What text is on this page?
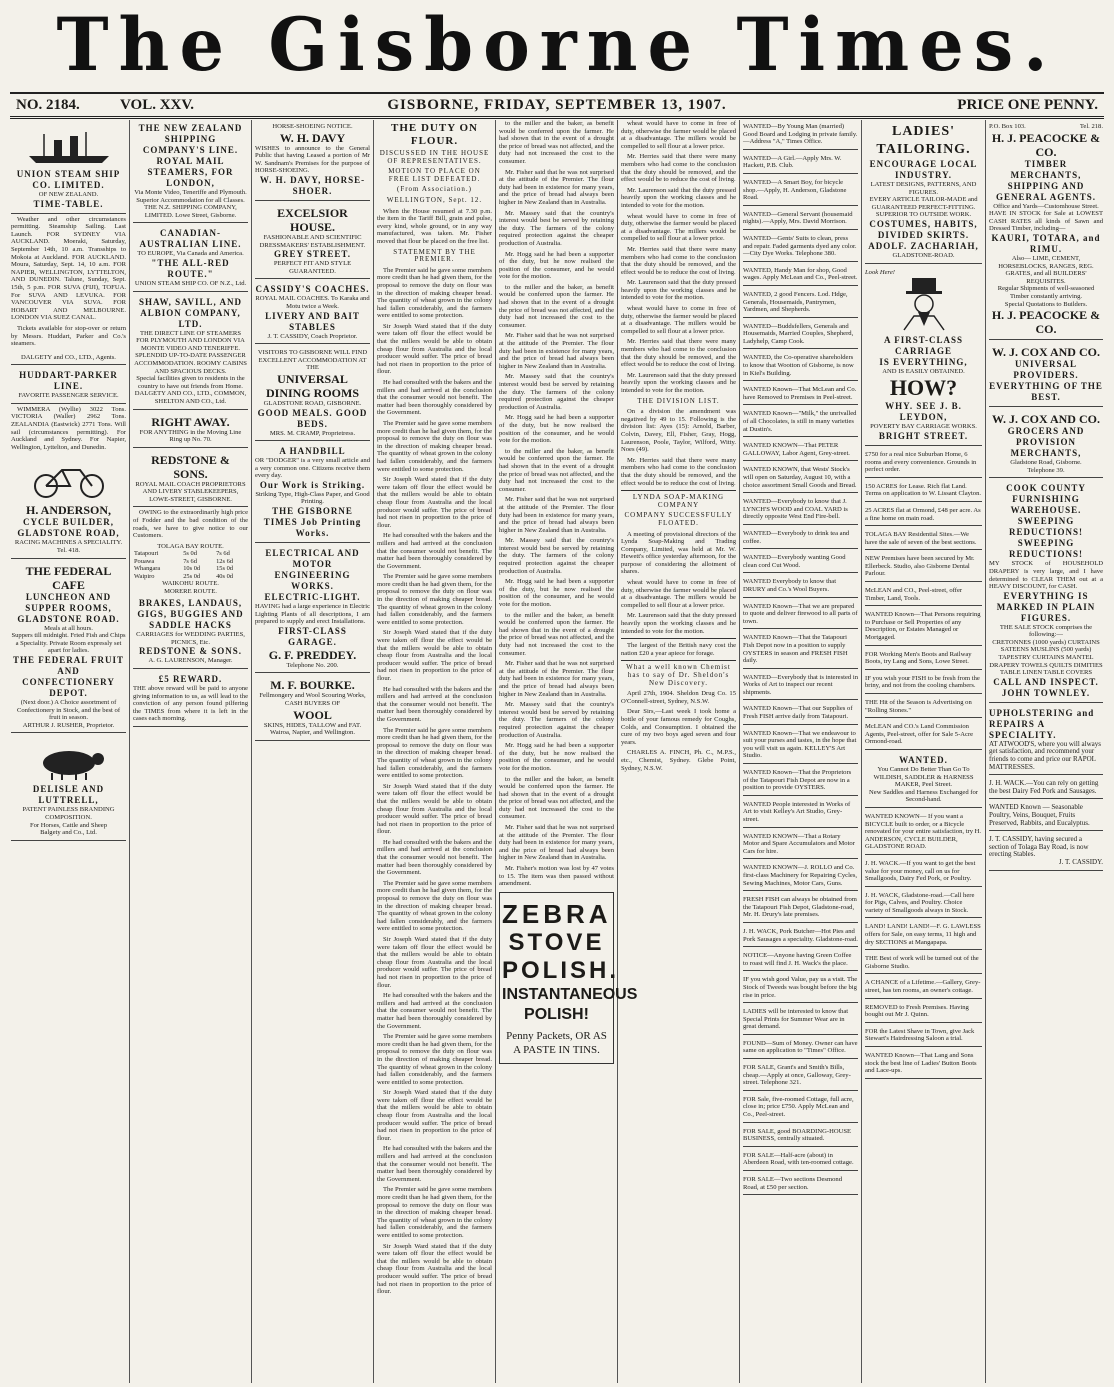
The Gisborne Times.
NO. 2184.	VOL. XXV.	GISBORNE, FRIDAY, SEPTEMBER 13, 1907.	PRICE ONE PENNY.
UNION STEAM SHIP CO. LIMITED.
OF NEW ZEALAND.
TIME-TABLE.

Weather and other circumstances permitting. Steamship Sailing. Last Launch. FOR SYDNEY VIA AUCKLAND. Moeraki, Saturday, September 14th, 10 a.m. Transships to Mokoia at Auckland. FOR AUCKLAND. Moura, Saturday, Sept. 14, 10 a.m. FOR NAPIER, WELLINGTON, LYTTELTON, AND DUNEDIN. Talune, Sunday, Sept. 15th, 5 p.m. FOR SUVA (FIJI), TOFUA. For SUVA AND LEVUKA. FOR VANCOUVER VIA SUVA. FOR HOBART AND MELBOURNE. LONDON VIA SUEZ CANAL.

Tickets available for stop-over or return by Messrs. Huddart, Parker and Co.'s steamers.

DALGETY and CO., LTD., Agents.
HUDDART-PARKER LINE.
FAVORITE PASSENGER SERVICE.

WIMMERA (Wyllie) 3022 Tons. VICTORIA (Waller) 2962 Tons. ZEALANDIA (Eastwick) 2771 Tons. Will sail (circumstances permitting). For Auckland and Sydney. For Napier, Wellington, Lyttelton, and Dunedin.

H. ANDERSON,
CYCLE BUILDER,
GLADSTONE ROAD,
RACING MACHINES A SPECIALITY.
Tel. 418.
THE FEDERAL CAFE
LUNCHEON AND SUPPER ROOMS,
GLADSTONE ROAD.
Meals at all hours.
Suppers till midnight. Fried Fish and Chips a Speciality. Private Room expressly set apart for ladies.
THE FEDERAL FRUIT AND CONFECTIONERY DEPOT.
(Next door.) A Choice assortment of Confectionery in Stock, and the best of fruit in season.
ARTHUR J. RUSHER, Proprietor.
DELISLE AND LUTTRELL,
PATENT PAINLESS BRANDING COMPOSITION.
For Horses, Cattle and Sheep
Balgety and Co., Ltd.
THE NEW ZEALAND SHIPPING COMPANY'S LINE.
ROYAL MAIL STEAMERS, FOR LONDON,
Via Monte Video, Teneriffe and Plymouth.
Superior Accommodation for all Classes.
THE N.Z. SHIPPING COMPANY, LIMITED. Lowe Street, Gisborne.
CANADIAN-AUSTRALIAN LINE.
TO EUROPE, Via Canada and America.
"THE ALL-RED ROUTE."
UNION STEAM SHIP CO. OF N.Z., Ltd.
SHAW, SAVILL, AND ALBION COMPANY, LTD.
THE DIRECT LINE OF STEAMERS FOR PLYMOUTH AND LONDON VIA MONTE VIDEO AND TENERIFFE.
SPLENDID UP-TO-DATE PASSENGER ACCOMMODATION. ROOMY CABINS AND SPACIOUS DECKS.
Special facilities given to residents in the country to have out friends from Home.
DALGETY AND CO., LTD., COMMON, SHELTON AND CO., Ltd.
RIGHT AWAY.
FOR ANYTHING in the Moving Line Ring up No. 70.
REDSTONE & SONS.
ROYAL MAIL COACH PROPRIETORS AND LIVERY STABLEKEEPERS, LOWE-STREET, GISBORNE.

OWING to the extraordinarily high price of Fodder and the bad condition of the roads, we have to give notice to our Customers.

TOLAGA BAY ROUTE.
Tatapouri	5s 0d	7s 6d
Pouawa	7s 6d	12s 6d
Whangara	10s 0d	15s 0d
Waipiro	25s 0d	40s 0d
WAIKOHU ROUTE.
MORERE ROUTE.
BRAKES, LANDAUS, GIGS, BUGGIES AND SADDLE HACKS
CARRIAGES for WEDDING PARTIES, PICNICS, Etc.
REDSTONE & SONS.
A. G. LAURENSON, Manager.
£5 REWARD.
THE above reward will be paid to anyone giving information to us, as will lead to the conviction of any person found pilfering the TIMES from where it is left in the cases each morning.
HORSE-SHOEING NOTICE.
W. H. DAVY
WISHES to announce to the General Public that having Leased a portion of Mr W. Sandnam's Premises for the purpose of HORSE-SHOEING.
W. H. DAVY, HORSE-SHOER.
EXCELSIOR HOUSE.
FASHIONABLE AND SCIENTIFIC DRESSMAKERS' ESTABLISHMENT.
GREY STREET.
PERFECT FIT AND STYLE GUARANTEED.
CASSIDY'S COACHES.
ROYAL MAIL COACHES. To Karaka and Motu twice a Week.
LIVERY AND BAIT STABLES
J. T. CASSIDY, Coach Proprietor.
VISITORS TO GISBORNE WILL FIND EXCELLENT ACCOMMODATION AT THE
UNIVERSAL DINING ROOMS
GLADSTONE ROAD, GISBORNE.
GOOD MEALS. GOOD BEDS.
MRS. M. CRAMP, Proprietress.
A HANDBILL
OR "DODGER" is a very small article and a very common one. Citizens receive them every day.
Our Work is Striking.
Striking Type, High-Class Paper, and Good Printing.
THE GISBORNE TIMES Job Printing Works.
ELECTRICAL AND MOTOR ENGINEERING WORKS.
ELECTRIC-LIGHT.
HAVING had a large experience in Electric Lighting Plants of all descriptions, I am prepared to supply and erect Installations.
FIRST-CLASS GARAGE.
G. F. PREDDEY.
Telephone No. 200.
M. F. BOURKE.
Fellmongery and Wool Scouring Works,
CASH BUYERS OF
WOOL
SKINS, HIDES, TALLOW and FAT.
Wairoa, Napier, and Wellington.
THE DUTY ON FLOUR.
DISCUSSED IN THE HOUSE OF REPRESENTATIVES.
MOTION TO PLACE ON FREE LIST DEFEATED.
(From Association.)
WELLINGTON, Sept. 12.

When the House resumed at 7.30 p.m. the item in the Tariff Bill, grain and pulse, every kind, whole ground, or in any way manufactured, was taken. Mr. Fisher moved that flour be placed on the free list.

STATEMENT BY THE PREMIER.

The Premier said he gave some members more credit than he had given them, for the proposal to remove the duty on flour was in the direction of making cheaper bread. The quantity of wheat grown in the colony had fallen considerably, and the farmers were entitled to some protection.

Sir Joseph Ward stated that if the duty were taken off flour the effect would be that the millers would be able to obtain cheap flour from Australia and the local producer would suffer. The price of bread had not risen in proportion to the price of flour.

He had consulted with the bakers and the millers and had arrived at the conclusion that the consumer would not benefit. The matter had been thoroughly considered by the Government.

The Premier said he gave some members more credit than he had given them, for the proposal to remove the duty on flour was in the direction of making cheaper bread. The quantity of wheat grown in the colony had fallen considerably, and the farmers were entitled to some protection.

Sir Joseph Ward stated that if the duty were taken off flour the effect would be that the millers would be able to obtain cheap flour from Australia and the local producer would suffer. The price of bread had not risen in proportion to the price of flour.

He had consulted with the bakers and the millers and had arrived at the conclusion that the consumer would not benefit. The matter had been thoroughly considered by the Government.

The Premier said he gave some members more credit than he had given them, for the proposal to remove the duty on flour was in the direction of making cheaper bread. The quantity of wheat grown in the colony had fallen considerably, and the farmers were entitled to some protection.

Sir Joseph Ward stated that if the duty were taken off flour the effect would be that the millers would be able to obtain cheap flour from Australia and the local producer would suffer. The price of bread had not risen in proportion to the price of flour.

He had consulted with the bakers and the millers and had arrived at the conclusion that the consumer would not benefit. The matter had been thoroughly considered by the Government.

The Premier said he gave some members more credit than he had given them, for the proposal to remove the duty on flour was in the direction of making cheaper bread. The quantity of wheat grown in the colony had fallen considerably, and the farmers were entitled to some protection.

Sir Joseph Ward stated that if the duty were taken off flour the effect would be that the millers would be able to obtain cheap flour from Australia and the local producer would suffer. The price of bread had not risen in proportion to the price of flour.

He had consulted with the bakers and the millers and had arrived at the conclusion that the consumer would not benefit. The matter had been thoroughly considered by the Government.

The Premier said he gave some members more credit than he had given them, for the proposal to remove the duty on flour was in the direction of making cheaper bread. The quantity of wheat grown in the colony had fallen considerably, and the farmers were entitled to some protection.

Sir Joseph Ward stated that if the duty were taken off flour the effect would be that the millers would be able to obtain cheap flour from Australia and the local producer would suffer. The price of bread had not risen in proportion to the price of flour.

He had consulted with the bakers and the millers and had arrived at the conclusion that the consumer would not benefit. The matter had been thoroughly considered by the Government.

The Premier said he gave some members more credit than he had given them, for the proposal to remove the duty on flour was in the direction of making cheaper bread. The quantity of wheat grown in the colony had fallen considerably, and the farmers were entitled to some protection.

Sir Joseph Ward stated that if the duty were taken off flour the effect would be that the millers would be able to obtain cheap flour from Australia and the local producer would suffer. The price of bread had not risen in proportion to the price of flour.

He had consulted with the bakers and the millers and had arrived at the conclusion that the consumer would not benefit. The matter had been thoroughly considered by the Government.

The Premier said he gave some members more credit than he had given them, for the proposal to remove the duty on flour was in the direction of making cheaper bread. The quantity of wheat grown in the colony had fallen considerably, and the farmers were entitled to some protection.

Sir Joseph Ward stated that if the duty were taken off flour the effect would be that the millers would be able to obtain cheap flour from Australia and the local producer would suffer. The price of bread had not risen in proportion to the price of flour.

to the miller and the baker, as benefit would be conferred upon the farmer. He had shown that in the event of a drought the price of bread was not affected, and the duty had not increased the cost to the consumer.

Mr. Fisher said that he was not surprised at the attitude of the Premier. The flour duty had been in existence for many years, and the price of bread had always been higher in New Zealand than in Australia.

Mr. Massey said that the country's interest would best be served by retaining the duty. The farmers of the colony required protection against the cheaper production of Australia.

Mr. Hogg said he had been a supporter of the duty, but he now realised the position of the consumer, and he would vote for the motion.

to the miller and the baker, as benefit would be conferred upon the farmer. He had shown that in the event of a drought the price of bread was not affected, and the duty had not increased the cost to the consumer.

Mr. Fisher said that he was not surprised at the attitude of the Premier. The flour duty had been in existence for many years, and the price of bread had always been higher in New Zealand than in Australia.

Mr. Massey said that the country's interest would best be served by retaining the duty. The farmers of the colony required protection against the cheaper production of Australia.

Mr. Hogg said he had been a supporter of the duty, but he now realised the position of the consumer, and he would vote for the motion.

to the miller and the baker, as benefit would be conferred upon the farmer. He had shown that in the event of a drought the price of bread was not affected, and the duty had not increased the cost to the consumer.

Mr. Fisher said that he was not surprised at the attitude of the Premier. The flour duty had been in existence for many years, and the price of bread had always been higher in New Zealand than in Australia.

Mr. Massey said that the country's interest would best be served by retaining the duty. The farmers of the colony required protection against the cheaper production of Australia.

Mr. Hogg said he had been a supporter of the duty, but he now realised the position of the consumer, and he would vote for the motion.

to the miller and the baker, as benefit would be conferred upon the farmer. He had shown that in the event of a drought the price of bread was not affected, and the duty had not increased the cost to the consumer.

Mr. Fisher said that he was not surprised at the attitude of the Premier. The flour duty had been in existence for many years, and the price of bread had always been higher in New Zealand than in Australia.

Mr. Massey said that the country's interest would best be served by retaining the duty. The farmers of the colony required protection against the cheaper production of Australia.

Mr. Hogg said he had been a supporter of the duty, but he now realised the position of the consumer, and he would vote for the motion.

to the miller and the baker, as benefit would be conferred upon the farmer. He had shown that in the event of a drought the price of bread was not affected, and the duty had not increased the cost to the consumer.

Mr. Fisher said that he was not surprised at the attitude of the Premier. The flour duty had been in existence for many years, and the price of bread had always been higher in New Zealand than in Australia.

Mr. Fisher's motion was lost by 47 votes to 15. The item was then passed without amendment.

ZEBRA
STOVE POLISH.
INSTANTANEOUS POLISH!
Penny Packets, OR AS A PASTE IN TINS.

wheat would have to come in free of duty, otherwise the farmer would be placed at a disadvantage. The millers would be compelled to sell flour at a lower price.

Mr. Herries said that there were many members who had come to the conclusion that the duty should be removed, and the effect would be to reduce the cost of living.

Mr. Laurenson said that the duty pressed heavily upon the working classes and he intended to vote for the motion.

wheat would have to come in free of duty, otherwise the farmer would be placed at a disadvantage. The millers would be compelled to sell flour at a lower price.

Mr. Herries said that there were many members who had come to the conclusion that the duty should be removed, and the effect would be to reduce the cost of living.

Mr. Laurenson said that the duty pressed heavily upon the working classes and he intended to vote for the motion.

wheat would have to come in free of duty, otherwise the farmer would be placed at a disadvantage. The millers would be compelled to sell flour at a lower price.

Mr. Herries said that there were many members who had come to the conclusion that the duty should be removed, and the effect would be to reduce the cost of living.

Mr. Laurenson said that the duty pressed heavily upon the working classes and he intended to vote for the motion.

THE DIVISION LIST.

On a division the amendment was negatived by 49 to 15. Following is the division list: Ayes (15): Arnold, Barber, Colvin, Davey, Ell, Fisher, Gray, Hogg, Laurenson, Poole, Taylor, Wilford, Witty. Noes (49).

Mr. Herries said that there were many members who had come to the conclusion that the duty should be removed, and the effect would be to reduce the cost of living.

LYNDA SOAP-MAKING COMPANY
COMPANY SUCCESSFULLY FLOATED.

A meeting of provisional directors of the Lynda Soap-Making and Trading Company, Limited, was held at Mr. W. Hewett's office yesterday afternoon, for the purpose of considering the allotment of shares.

wheat would have to come in free of duty, otherwise the farmer would be placed at a disadvantage. The millers would be compelled to sell flour at a lower price.

Mr. Laurenson said that the duty pressed heavily upon the working classes and he intended to vote for the motion.

The largest of the British navy cost the nation £20 a year apiece for forage.

What a well known Chemist has to say of Dr. Sheldon's New Discovery.

April 27th, 1904. Sheldon Drug Co. 15 O'Connell-street, Sydney, N.S.W.

Dear Sirs,—Last week I took home a bottle of your famous remedy for Coughs, Colds, and Consumption. I obtained the cure of my two boys aged seven and four years.

CHARLES A. FINCH, Ph. C., M.P.S., etc., Chemist, Sydney. Glebe Point, Sydney, N.S.W.

WANTED—By Young Man (married) Good Board and Lodging in private family.—Address "A," Times Office.
WANTED—A Girl.—Apply Mrs. W. Hackett, P.B. Club.
WANTED—A Smart Boy, for bicycle shop.—Apply, H. Anderson, Gladstone Road.
WANTED—General Servant (housemaid nights).—Apply, Mrs. David Morrison.
WANTED—Gents' Suits to clean, press and repair. Faded garments dyed any color.—City Dye Works. Telephone 380.
WANTED, Handy Man for shop, Good wages. Apply McLean and Co., Peel-street.
WANTED, 2 good Fencers. Lod. Hdge, Generals, Housemaids, Pantrymen, Yardmen, and Shepherds.
WANTED—Buddsfellers, Generals and Housemaids, Married Couples, Shepherd, Ladyhelp, Camp Cook.
WANTED, the Co-operative shareholders to know that Wootton of Gisborne, is now in Kiel's Building.
WANTED Known—That McLean and Co. have Removed to Premises in Peel-street.
WANTED Known—"Milk," the unrivalled of all Chocolates, is still in many varieties at Dustin's.
WANTED KNOWN—That PETER GALLOWAY, Labor Agent, Grey-street.
WANTED KNOWN, that Wests' Stock's will open on Saturday, August 10, with a choice assortment Small Goods and Bread.
WANTED—Everybody to know that J. LYNCH'S WOOD and COAL YARD is directly opposite West End Fire-bell.
WANTED—Everybody to drink tea and coffee.
WANTED—Everybody wanting Good clean cord Cut Wood.
WANTED Everybody to know that DRURY and Co.'s Wool Buyers.
WANTED Known—That we are prepared to quote and deliver firewood to all parts of town.
WANTED Known—That the Tatapouri Fish Depot now in a position to supply OYSTERS in season and FRESH FISH daily.
WANTED—Everybody that is interested in Works of Art to inspect our recent shipments.
WANTED Known—That our Supplies of Fresh FISH arrive daily from Tatapouri.
WANTED Known—That we endeavour to suit your purses and tastes, in the hope that you will visit us again. KELLEY'S Art Studio.
WANTED Known—That the Proprietors of the Tatapouri Fish Depot are now in a position to provide OYSTERS.
WANTED People interested in Works of Art to visit Kelley's Art Studio, Grey-street.
WANTED KNOWN—That a Rotary Motor and Spare Accumulators and Motor Cars for hire.
WANTED KNOWN—J. ROLLO and Co. first-class Machinery for Repairing Cycles, Sewing Machines, Motor Cars, Guns.
FRESH FISH can always be obtained from the Tatapouri Fish Depot, Gladstone-road, Mr. H. Drury's late premises.
J. H. WACK, Pork Butcher—Hot Pies and Pork Sausages a speciality. Gladstone-road.
NOTICE—Anyone having Green Coffee to roast will find J. H. Wack's the place.
IF you wish good Value, pay us a visit. The Stock of Tweeds was bought before the big rise in price.
LADIES will be interested to know that Special Prints for Summer Wear are in great demand.
FOUND—Sum of Money. Owner can have same on application to "Times" Office.
FOR SALE, Grant's and Smith's Bills, cheap.—Apply at once, Galloway, Grey-street. Telephone 321.
FOR Sale, five-roomed Cottage, full acre, close in; price £750. Apply McLean and Co., Peel-street.
FOR SALE, good BOARDING-HOUSE BUSINESS, centrally situated.
FOR SALE—Half-acre (about) in Aberdeen Road, with ten-roomed cottage.
FOR SALE—Two sections Desmond Road, at £50 per section.
LADIES' TAILORING.
ENCOURAGE LOCAL INDUSTRY.
LATEST DESIGNS, PATTERNS, AND FIGURES.
EVERY ARTICLE TAILOR-MADE and GUARANTEED PERFECT-FITTING. SUPERIOR TO OUTSIDE WORK.
COSTUMES, HABITS, DIVIDED SKIRTS.
ADOLF. ZACHARIAH,
GLADSTONE-ROAD.
Look Here!
A FIRST-CLASS CARRIAGE
IS EVERYTHING,
AND IS EASILY OBTAINED.
HOW?
WHY. SEE J. B. LEYDON,
POVERTY BAY CARRIAGE WORKS.
BRIGHT STREET.
£750 for a real nice Suburban Home, 6 rooms and every convenience. Grounds in perfect order.
150 ACRES for Lease. Rich flat Land. Terms on application to W. Lissant Clayton.
25 ACRES flat at Ormond, £48 per acre. As a fine home on main road.
TOLAGA BAY Residential Sites.—We have the sale of seven of the best sections.
NEW Premises have been secured by Mr. Ellerbeck. Studio, also Gisborne Dental Parlour.
McLEAN and CO., Peel-street, offer Timber, Land, Tools.
WANTED Known—That Persons requiring to Purchase or Sell Properties of any Description, or Estates Managed or Mortgaged.
FOR Working Men's Boots and Railway Boots, try Lang and Sons, Lowe Street.
IF you wish your FISH to be fresh from the briny, and not from the cooling chambers.
THE Hit of the Season is Advertising on "Rolling Stones."
McLEAN and CO.'s Land Commission Agents, Peel-street, offer for Sale 5-Acre Ormond-road.
WANTED.
You Cannot Do Better Than Go To WILDISH, SADDLER & HARNESS MAKER, Peel Street.
New Saddles and Harness Exchanged for Second-hand.
WANTED KNOWN— If you want a BICYCLE built to order, or a Bicycle renovated for your entire satisfaction, try H. ANDERSON, CYCLE BUILDER, GLADSTONE ROAD.
J. H. WACK.—If you want to get the best value for your money, call on us for Smallgoods, Dairy Fed Pork, or Poultry.
J. H. WACK, Gladstone-road.—Call here for Pigs, Calves, and Poultry. Choice variety of Smallgoods always in Stock.
LAND! LAND! LAND!—F. G. LAWLESS offers for Sale, on easy terms, 11 high and dry SECTIONS at Mangapapa.
THE Best of work will be turned out of the Gisborne Studio.
A CHANCE of a Lifetime.—Gallery, Grey-street, has ten rooms, an owner's cottage.
REMOVED to Fresh Premises. Having bought out Mr J. Quinn.
FOR the Latest Shave in Town, give Jack Stewart's Hairdressing Saloon a trial.
WANTED Known—That Lang and Sons stock the best line of Ladies' Button Boots and Lace-ups.
P.O. Box 103.	Tel. 218.
H. J. PEACOCKE & CO.
TIMBER MERCHANTS, SHIPPING AND GENERAL AGENTS.
Office and Yards—Customhouse Street.
HAVE IN STOCK for Sale at LOWEST CASH RATES all kinds of Sawn and Dressed Timber, including—
KAURI, TOTARA, and RIMU.
Also— LIME, CEMENT, HORSEBLOCKS, RANGES, REG. GRATES, and all BUILDERS' REQUISITES.
Regular Shipments of well-seasoned Timber constantly arriving.
Special Quotations to Builders.
H. J. PEACOCKE & CO.
W. J. COX AND CO.
UNIVERSAL PROVIDERS.
EVERYTHING OF THE BEST.
W. J. COX AND CO.
GROCERS AND PROVISION MERCHANTS,
Gladstone Road, Gisborne.
Telephone 39.
COOK COUNTY FURNISHING WAREHOUSE.
SWEEPING REDUCTIONS!
SWEEPING REDUCTIONS!
MY STOCK of HOUSEHOLD DRAPERY is very large, and I have determined to CLEAR THEM out at a HEAVY DISCOUNT, for CASH.
EVERYTHING IS MARKED IN PLAIN FIGURES.
THE SALE STOCK comprises the following:—
CRETONNES (1000 yards) CURTAINS SATEENS MUSLINS (500 yards) TAPESTRY CURTAINS MANTEL DRAPERY TOWELS QUILTS DIMITIES TABLE LINEN TABLE COVERS
CALL AND INSPECT.
JOHN TOWNLEY.
UPHOLSTERING and REPAIRS A SPECIALITY.
AT ATWOOD'S, where you will always get satisfaction, and recommend your friends to come and price our RAPOL MATTRESSES.
J. H. WACK.—You can rely on getting the best Dairy Fed Pork and Sausages.
WANTED Known — Seasonable Poultry, Veins, Bouquet, Fruits Preserved, Rabbits, and Eucalyptus.
J. T. CASSIDY, having secured a section of Tolaga Bay Road, is now erecting Stables.
J. T. CASSIDY.
